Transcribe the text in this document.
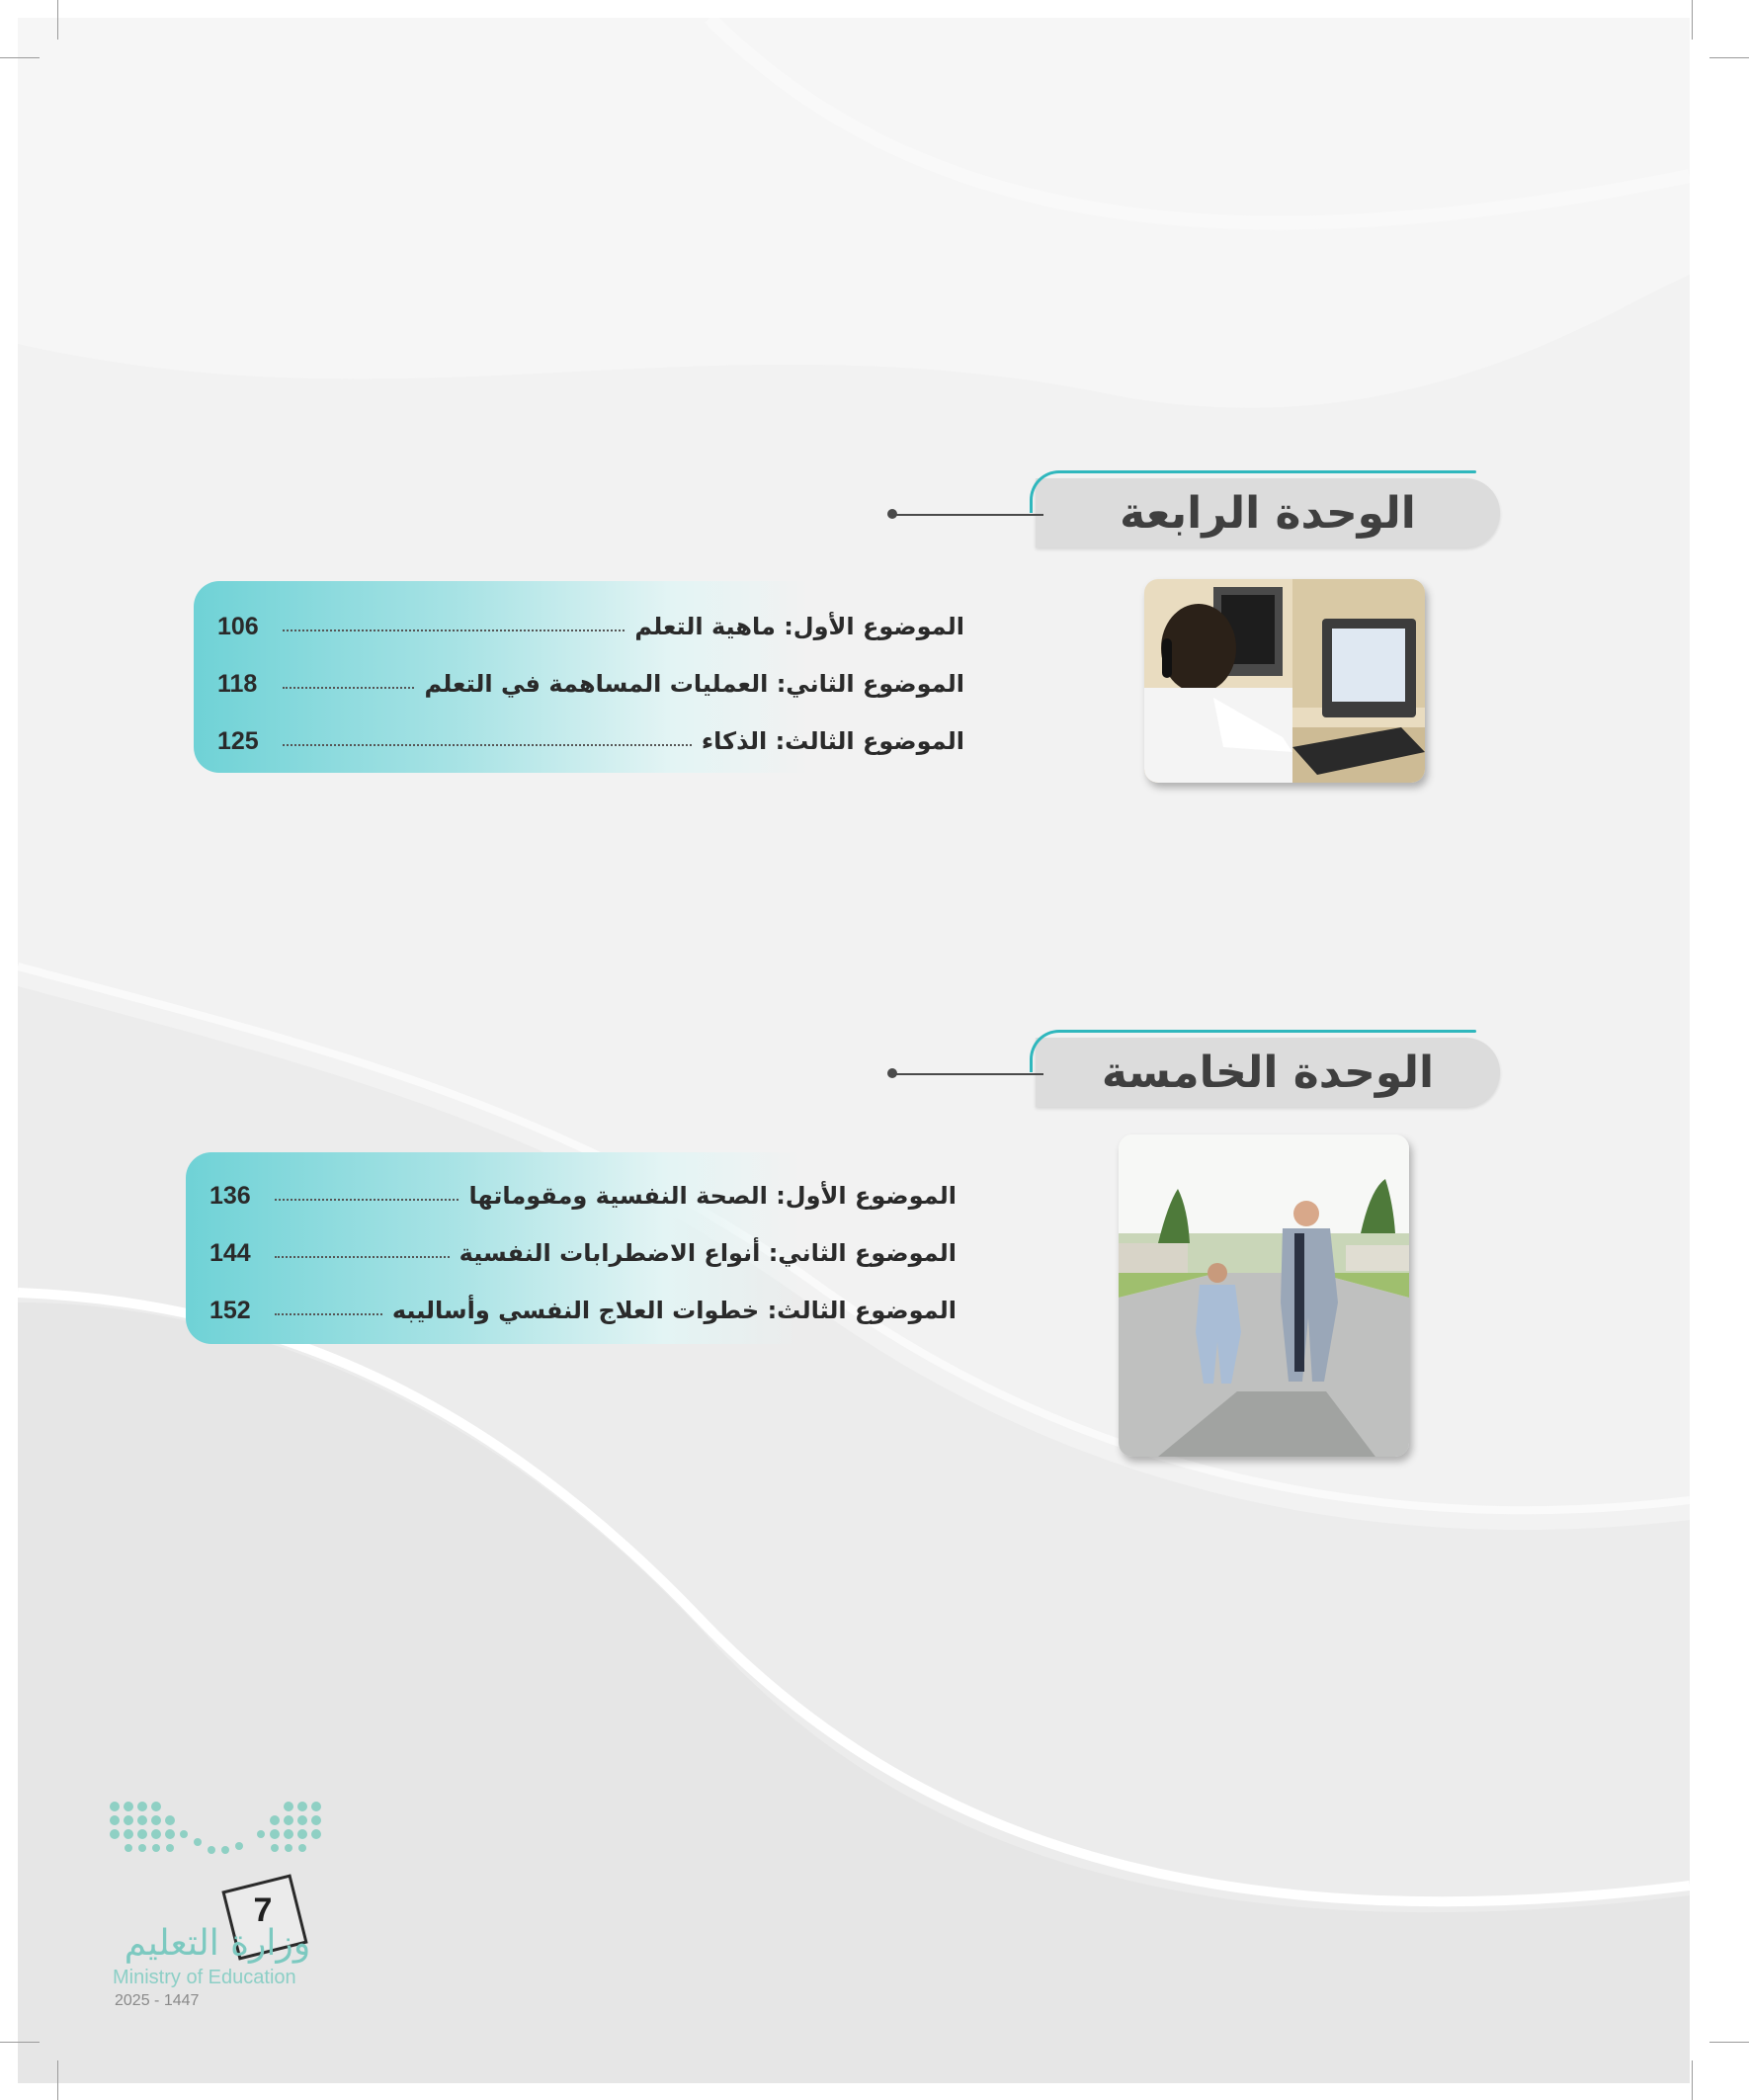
الوحدة الرابعة
الموضوع الأول: ماهية التعلم
106
الموضوع الثاني: العمليات المساهمة في التعلم
118
الموضوع الثالث: الذكاء
125
الوحدة الخامسة
الموضوع الأول: الصحة النفسية ومقوماتها
136
الموضوع الثاني: أنواع الاضطرابات النفسية
144
الموضوع الثالث: خطوات العلاج النفسي وأساليبه
152
7
وزارة التعليم
Ministry of Education
2025 - 1447
